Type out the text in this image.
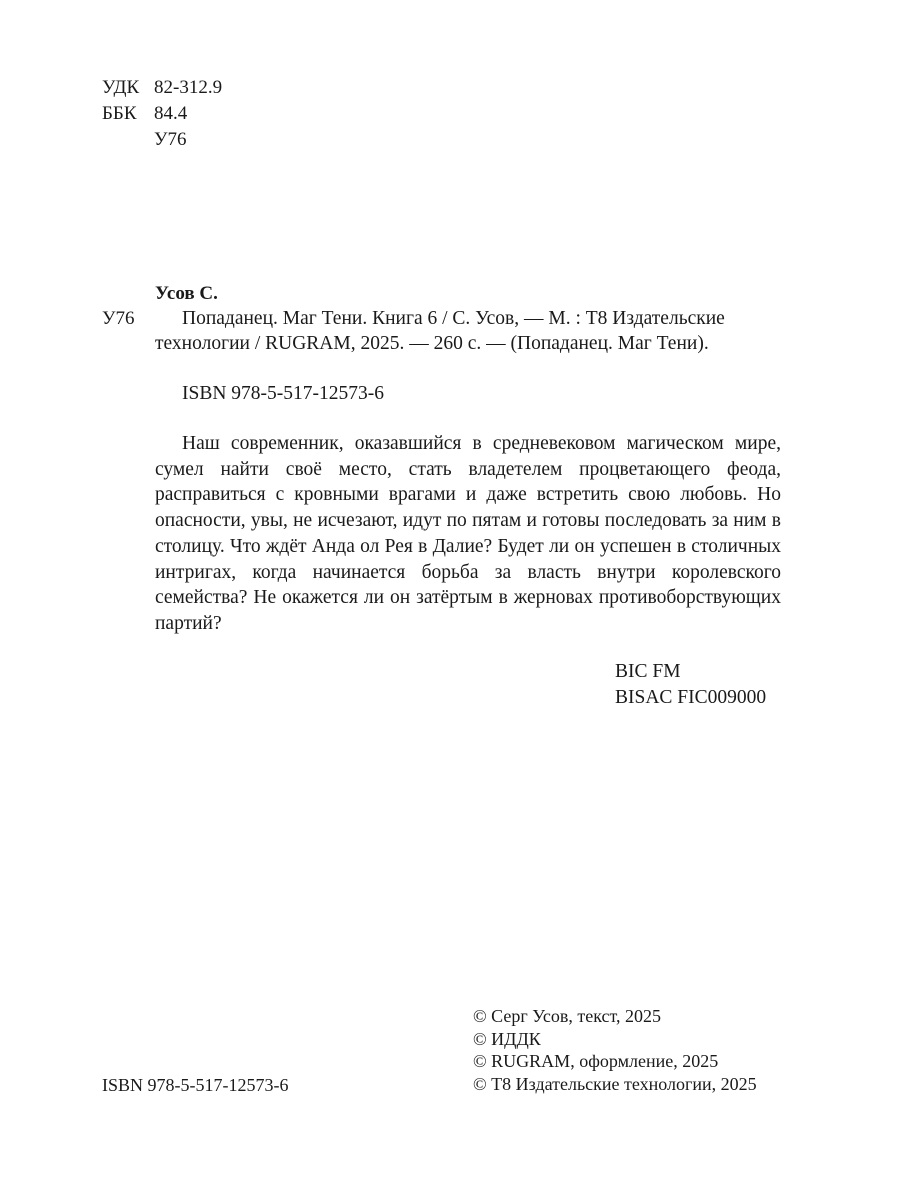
УДК 82-312.9
ББК 84.4
У76
Усов С.
У76	Попаданец. Маг Тени. Книга 6 / С. Усов, — М. : Т8 Издательские

технологии / RUGRAM, 2025. — 260 с. — (Попаданец. Маг Тени).

ISBN 978-5-517-12573-6

Наш современник, оказавшийся в средневековом магическом мире, сумел найти своё место, стать владетелем процветающего феода, расправиться с кровными врагами и даже встретить свою любовь. Но опасности, увы, не исчезают, идут по пятам и готовы последовать за ним в столицу. Что ждёт Анда ол Рея в Далие? Будет ли он успешен в столичных интригах, когда начинается борьба за власть внутри королевского семейства? Не окажется ли он затёртым в жерновах противоборствующих партий?

BIC FM
BISAC FIC009000
© Серг Усов, текст, 2025
© ИДДК
© RUGRAM, оформление, 2025
© Т8 Издательские технологии, 2025
ISBN 978-5-517-12573-6
